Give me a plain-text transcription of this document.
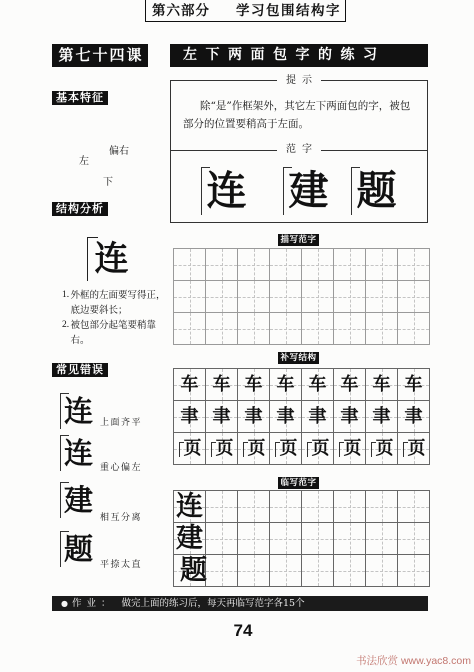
第六部分 学习包围结构字
第七十四课	左下两面包字的练习
基本特征
偏右
左
下
结构分析
连
1. 外框的左面要写得正，
底边要斜长；
2. 被包部分起笔要稍靠
右。
常见错误
连 上面齐平
连 重心偏左
建
相互分离
题 平捺太直
提示
除“是”作框架外，其它左下两面包的字，被包
部分的位置要稍高于左面。
范字
连 建 题
描写范字
补写结构
车 车 车 车 车 车 车 车
聿 聿 聿 聿 聿 聿 聿 聿
页 页 页 页 页 页 页 页
临写范字
连
建
题
● 作业： 做完上面的练习后，每天再临写范字各15个
74
书法欣赏 www.yac8.com
